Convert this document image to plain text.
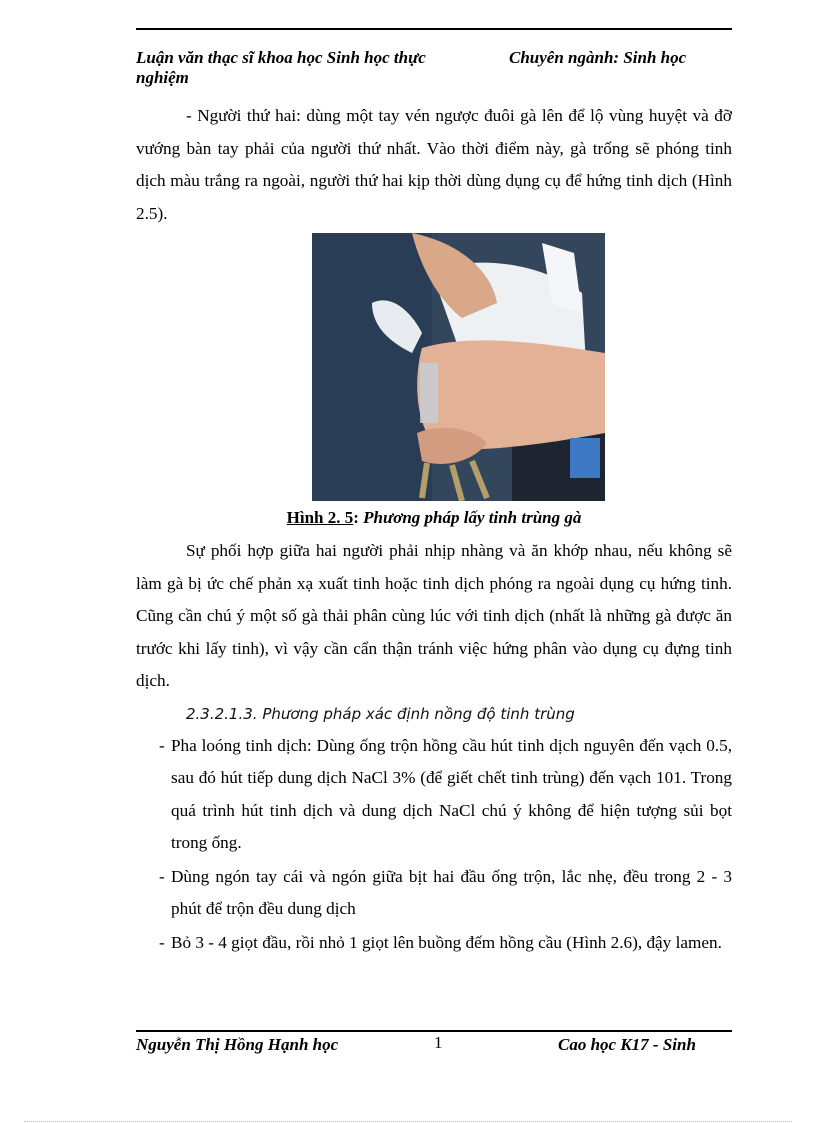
Luận văn thạc sĩ khoa học Sinh học thực nghiệm
Chuyên ngành: Sinh học

- Người thứ hai: dùng một tay vén ngược đuôi gà lên để lộ vùng huyệt và đỡ vướng bàn tay phải của người thứ nhất. Vào thời điểm này, gà trống sẽ phóng tinh dịch màu trắng ra ngoài, người thứ hai kịp thời dùng dụng cụ để hứng tinh dịch (Hình 2.5).

Hình 2. 5: Phương pháp lấy tinh trùng gà

Sự phối hợp giữa hai người phải nhịp nhàng và ăn khớp nhau, nếu không sẽ làm gà bị ức chế phản xạ xuất tinh hoặc tinh dịch phóng ra ngoài dụng cụ hứng tinh. Cũng cần chú ý một số gà thải phân cùng lúc với tinh dịch (nhất là những gà được ăn trước khi lấy tinh), vì vậy cần cẩn thận tránh việc hứng phân vào dụng cụ đựng tinh dịch.

2.3.2.1.3. Phương pháp xác định nồng độ tinh trùng

- Pha loóng tinh dịch: Dùng ống trộn hồng cầu hút tinh dịch nguyên đến vạch 0.5, sau đó hút tiếp dung dịch NaCl 3% (để giết chết tinh trùng) đến vạch 101. Trong quá trình hút tinh dịch và dung dịch NaCl chú ý không để hiện tượng sủi bọt trong ống.
- Dùng ngón tay cái và ngón giữa bịt hai đầu ống trộn, lắc nhẹ, đều trong 2 - 3 phút để trộn đều dung dịch
- Bỏ 3 - 4 giọt đầu, rồi nhỏ 1 giọt lên buồng đếm hồng cầu (Hình 2.6), đậy lamen.
Nguyễn Thị Hồng Hạnh học	1	Cao học K17 - Sinh
